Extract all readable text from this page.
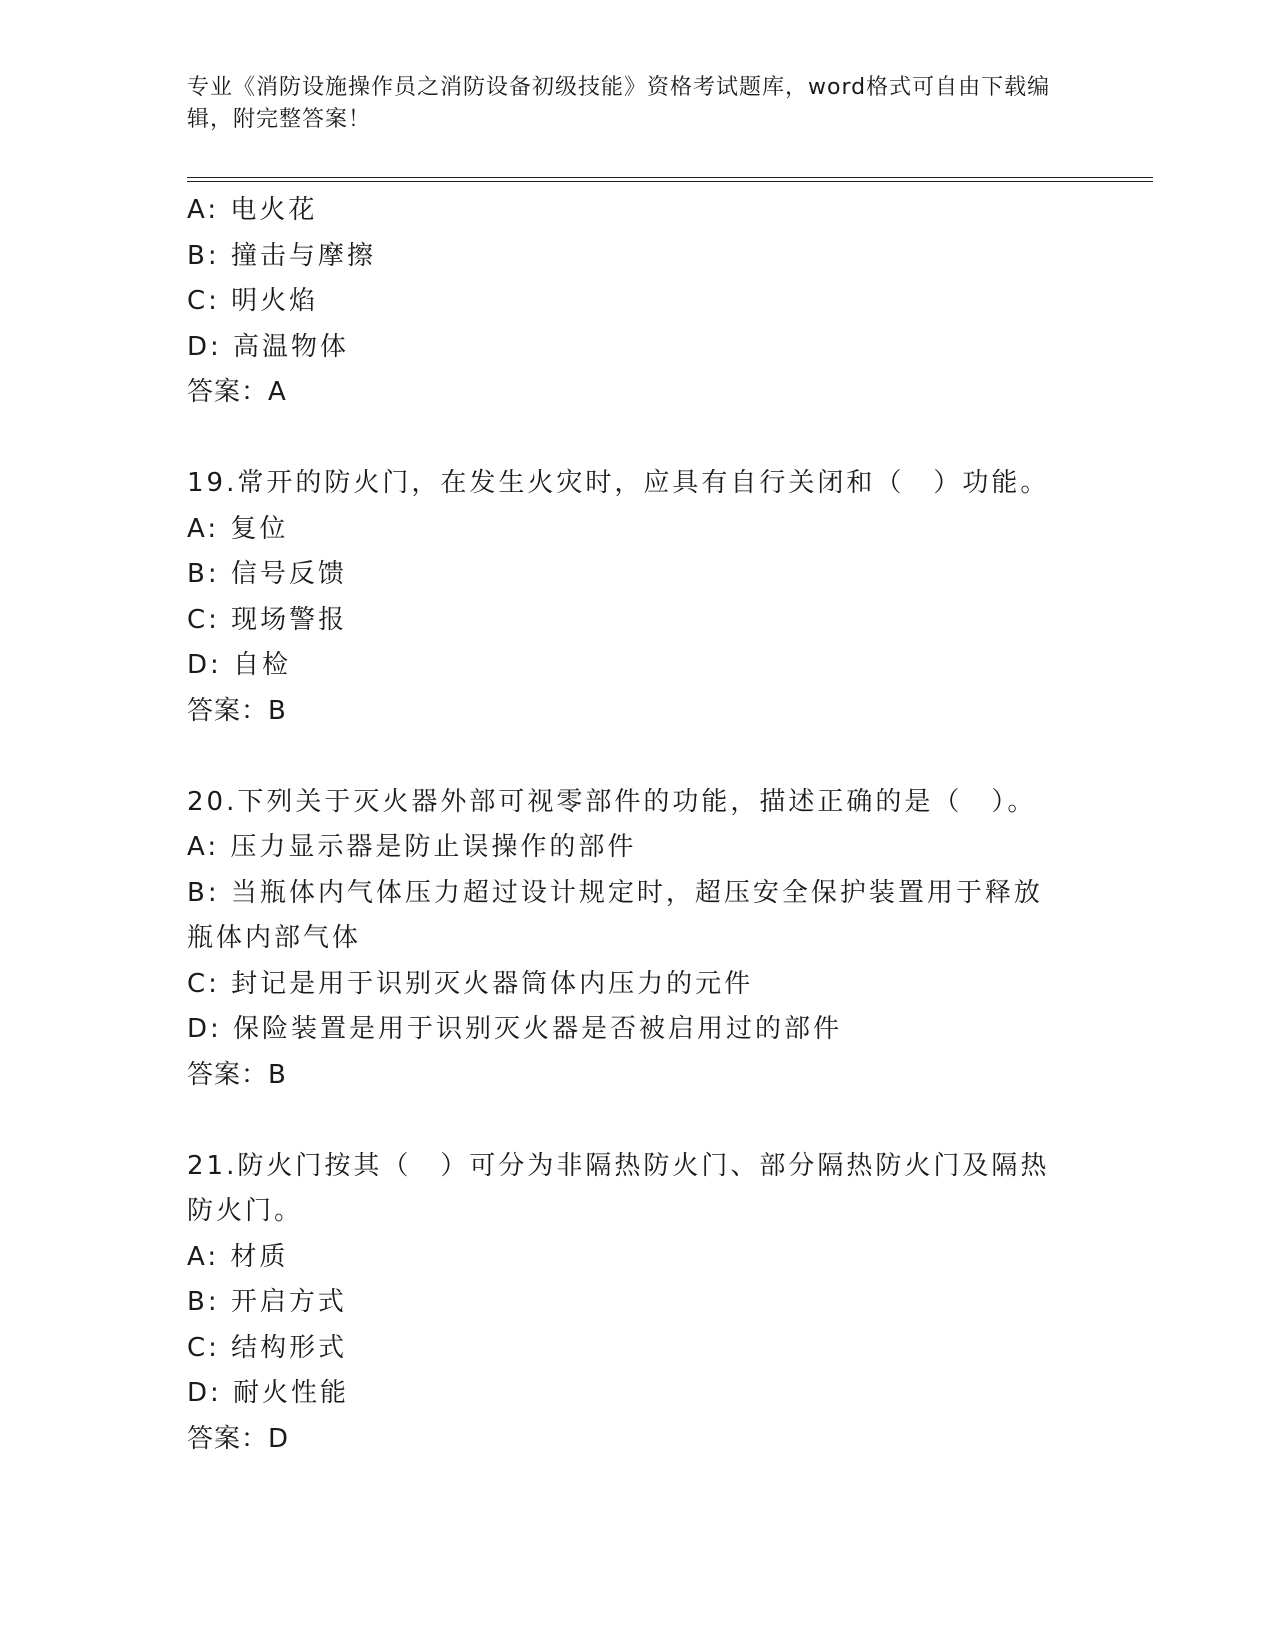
专业《消防设施操作员之消防设备初级技能》资格考试题库，word格式可自由下载编辑，附完整答案！
A: 电火花
B: 撞击与摩擦
C: 明火焰
D: 高温物体
答案：A
19.常开的防火门，在发生火灾时，应具有自行关闭和（　）功能。
A: 复位
B: 信号反馈
C: 现场警报
D: 自检
答案：B
20.下列关于灭火器外部可视零部件的功能，描述正确的是（　）。
A: 压力显示器是防止误操作的部件
B: 当瓶体内气体压力超过设计规定时，超压安全保护装置用于释放瓶体内部气体
C: 封记是用于识别灭火器筒体内压力的元件
D: 保险装置是用于识别灭火器是否被启用过的部件
答案：B
21.防火门按其（　）可分为非隔热防火门、部分隔热防火门及隔热防火门。
A: 材质
B: 开启方式
C: 结构形式
D: 耐火性能
答案：D
